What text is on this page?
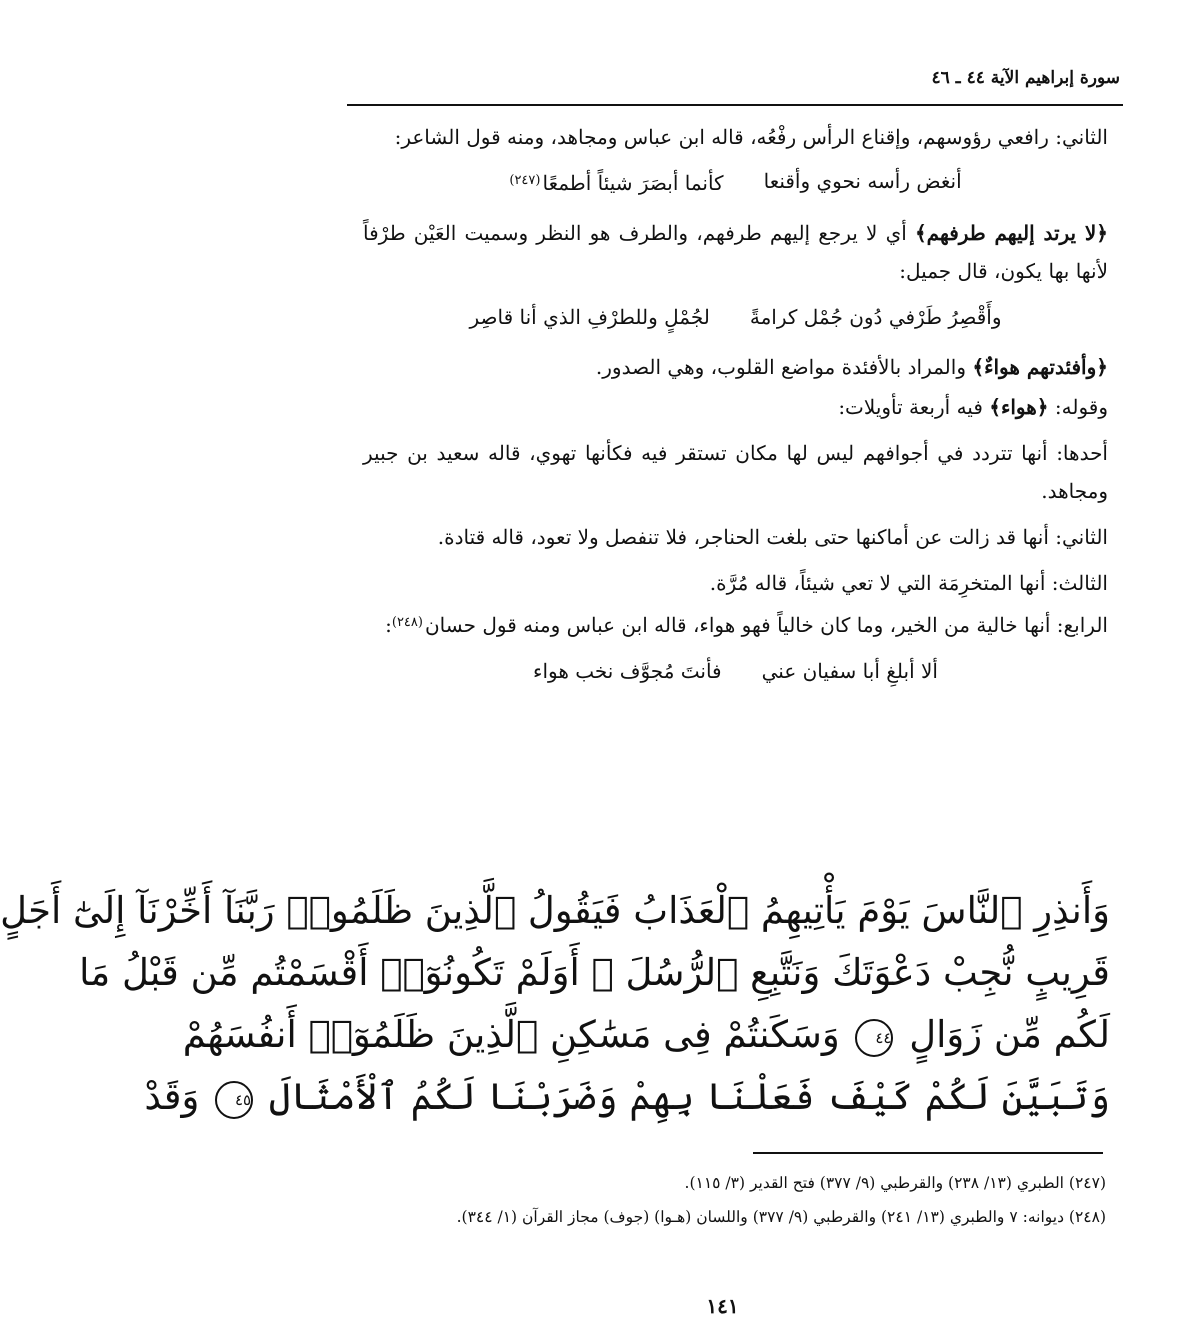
سورة إبراهيم الآية ٤٤ ـ ٤٦

الثاني: رافعي رؤوسهم، وإقناع الرأس رفْعُه، قاله ابن عباس ومجاهد، ومنه قول الشاعر:

أنغض رأسه نحوي وأقنعا
كأنما أبصَرَ شيئاً أطمعًا$^{(٢٤٧)}$

﴿لا يرتد إليهم طرفهم﴾ أي لا يرجع إليهم طرفهم، والطرف هو النظر وسميت العَيْن طرْفاً لأنها بها يكون، قال جميل:

وأَقْصِرُ طَرْفي دُون جُمْل كرامةً
لجُمْلٍ وللطرْفِ الذي أنا قاصِر

﴿وأفئدتهم هواءٌ﴾ والمراد بالأفئدة مواضع القلوب، وهي الصدور.

وقوله: ﴿هواء﴾ فيه أربعة تأويلات:

أحدها: أنها تتردد في أجوافهم ليس لها مكان تستقر فيه فكأنها تهوي، قاله سعيد بن جبير ومجاهد.

الثاني: أنها قد زالت عن أماكنها حتى بلغت الحناجر، فلا تنفصل ولا تعود، قاله قتادة.

الثالث: أنها المتخرِمَة التي لا تعي شيئاً، قاله مُرَّة.

الرابع: أنها خالية من الخير، وما كان خالياً فهو هواء، قاله ابن عباس ومنه قول حسان$^{(٢٤٨)}$:

ألا أبلغِ أبا سفيان عني
فأنتَ مُجوَّف نخب هواء
وَأَنذِرِ ٱلنَّاسَ يَوْمَ يَأْتِيهِمُ ٱلْعَذَابُ فَيَقُولُ ٱلَّذِينَ ظَلَمُوا۟ رَبَّنَآ أَخِّرْنَآ إِلَىٰٓ أَجَلٍ
قَرِيبٍ نُّجِبْ دَعْوَتَكَ وَنَتَّبِعِ ٱلرُّسُلَ ۗ أَوَلَمْ تَكُونُوٓا۟ أَقْسَمْتُم مِّن قَبْلُ مَا
لَكُم مِّن زَوَالٍ ٤٤ وَسَكَنتُمْ فِى مَسَٰكِنِ ٱلَّذِينَ ظَلَمُوٓا۟ أَنفُسَهُمْ
وَتَبَيَّنَ لَكُمْ كَيْفَ فَعَلْنَا بِهِمْ وَضَرَبْنَا لَكُمُ ٱلْأَمْثَالَ ٤٥ وَقَدْ

(٢٤٧) الطبري (١٣/ ٢٣٨) والقرطبي (٩/ ٣٧٧) فتح القدير (٣/ ١١٥).

(٢٤٨) ديوانه: ٧ والطبري (١٣/ ٢٤١) والقرطبي (٩/ ٣٧٧) واللسان (هـوا) (جوف) مجاز القرآن (١/ ٣٤٤).

١٤١
